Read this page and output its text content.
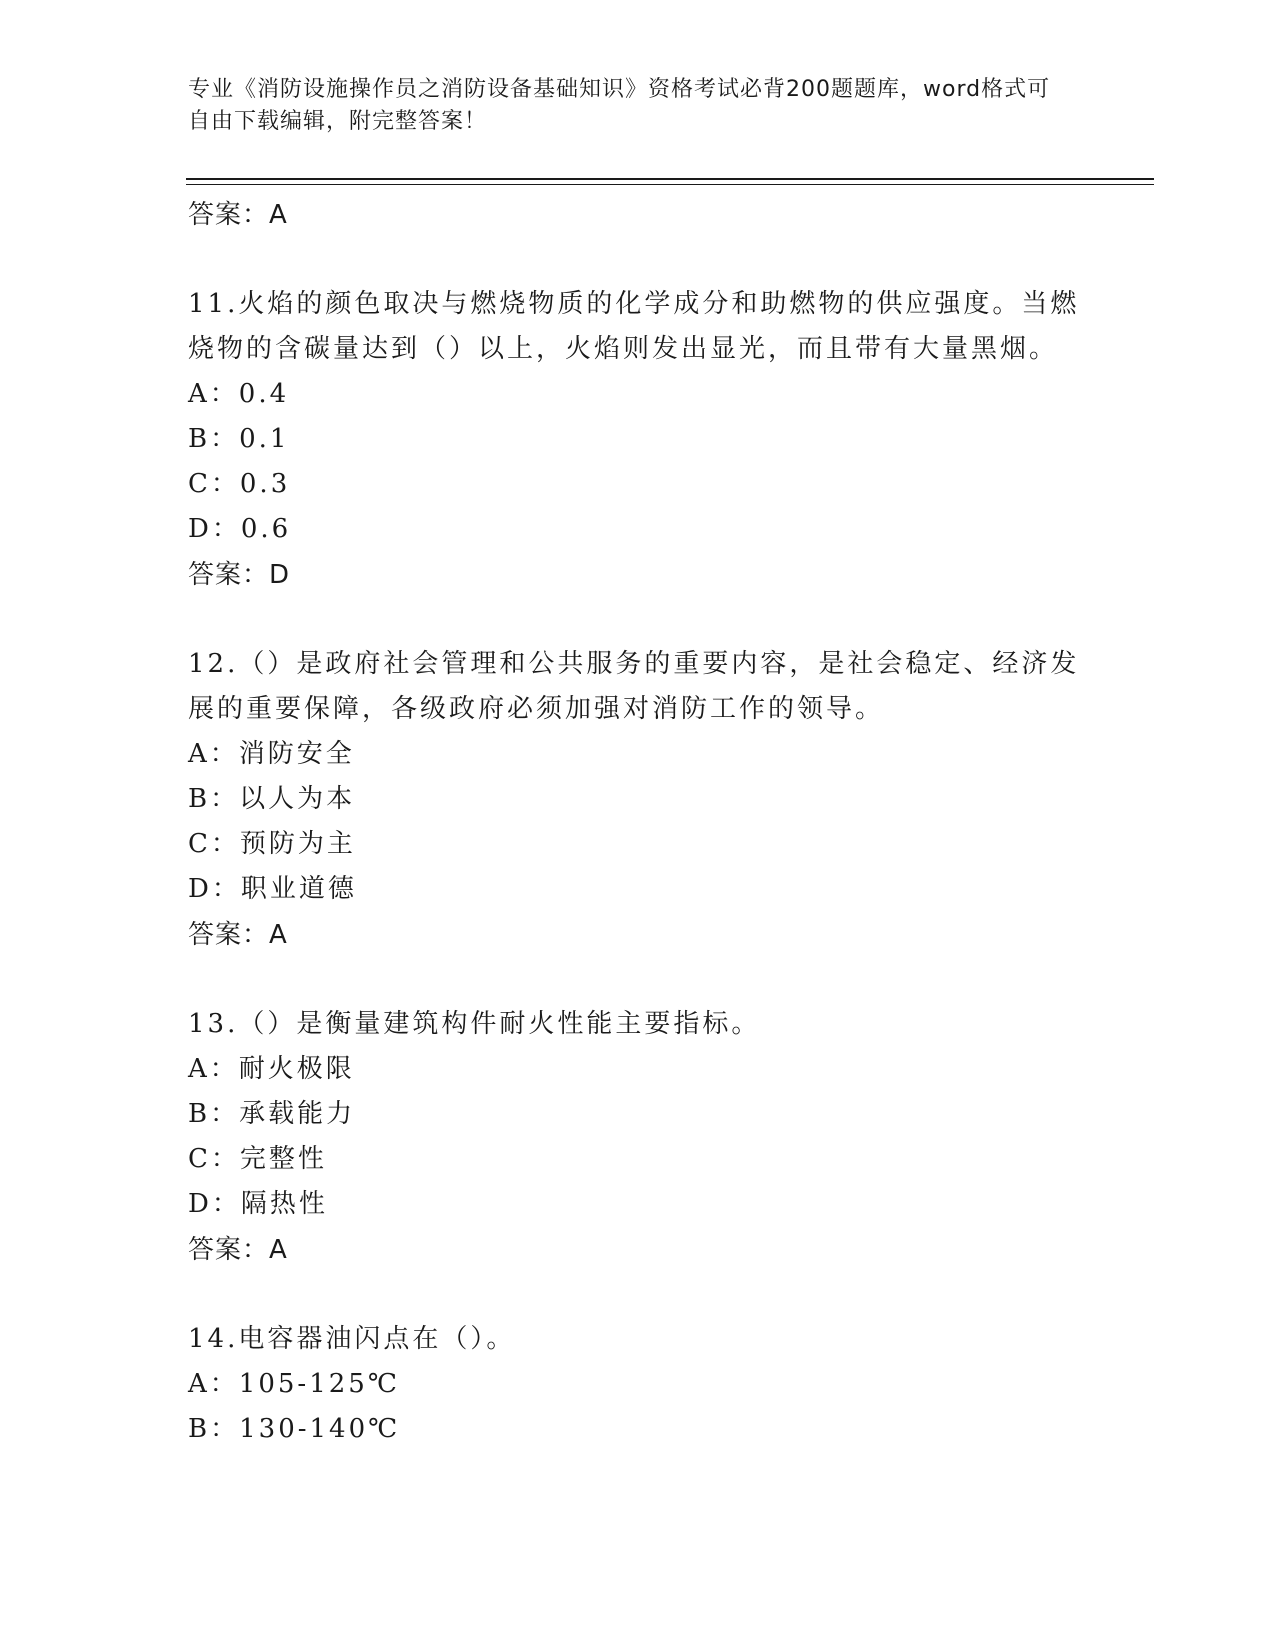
专业《消防设施操作员之消防设备基础知识》资格考试必背200题题库，word格式可自由下载编辑，附完整答案！
答案：A
11.火焰的颜色取决与燃烧物质的化学成分和助燃物的供应强度。当燃烧物的含碳量达到（）以上，火焰则发出显光，而且带有大量黑烟。
A：0.4
B：0.1
C：0.3
D：0.6
答案：D
12.（）是政府社会管理和公共服务的重要内容，是社会稳定、经济发展的重要保障，各级政府必须加强对消防工作的领导。
A：消防安全
B：以人为本
C：预防为主
D：职业道德
答案：A
13.（）是衡量建筑构件耐火性能主要指标。
A：耐火极限
B：承载能力
C：完整性
D：隔热性
答案：A
14.电容器油闪点在（）。
A：105-125℃
B：130-140℃
